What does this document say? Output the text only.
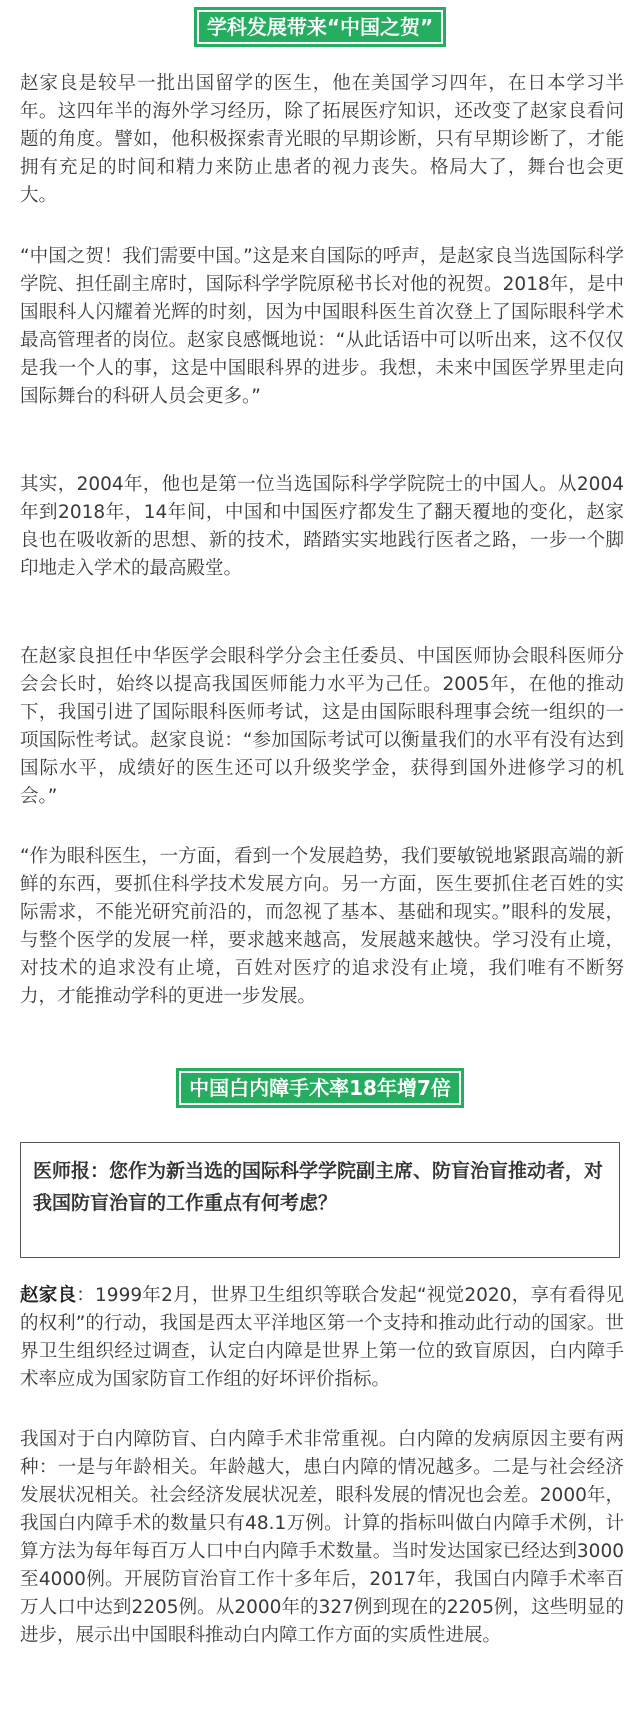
学科发展带来“中国之贺”

赵家良是较早一批出国留学的医生，他在美国学习四年，在日本学习半年。这四年半的海外学习经历，除了拓展医疗知识，还改变了赵家良看问题的角度。譬如，他积极探索青光眼的早期诊断，只有早期诊断了，才能拥有充足的时间和精力来防止患者的视力丧失。格局大了，舞台也会更大。

“中国之贺！我们需要中国。”这是来自国际的呼声，是赵家良当选国际科学学院、担任副主席时，国际科学学院原秘书长对他的祝贺。2018年，是中国眼科人闪耀着光辉的时刻，因为中国眼科医生首次登上了国际眼科学术最高管理者的岗位。赵家良感慨地说：“从此话语中可以听出来，这不仅仅是我一个人的事，这是中国眼科界的进步。我想，未来中国医学界里走向国际舞台的科研人员会更多。”

其实，2004年，他也是第一位当选国际科学学院院士的中国人。从2004年到2018年，14年间，中国和中国医疗都发生了翻天覆地的变化，赵家良也在吸收新的思想、新的技术，踏踏实实地践行医者之路，一步一个脚印地走入学术的最高殿堂。

在赵家良担任中华医学会眼科学分会主任委员、中国医师协会眼科医师分会会长时，始终以提高我国医师能力水平为己任。2005年，在他的推动下，我国引进了国际眼科医师考试，这是由国际眼科理事会统一组织的一项国际性考试。赵家良说：“参加国际考试可以衡量我们的水平有没有达到国际水平，成绩好的医生还可以升级奖学金，获得到国外进修学习的机会。”

“作为眼科医生，一方面，看到一个发展趋势，我们要敏锐地紧跟高端的新鲜的东西，要抓住科学技术发展方向。另一方面，医生要抓住老百姓的实际需求，不能光研究前沿的，而忽视了基本、基础和现实。”眼科的发展，与整个医学的发展一样，要求越来越高，发展越来越快。学习没有止境，对技术的追求没有止境，百姓对医疗的追求没有止境，我们唯有不断努力，才能推动学科的更进一步发展。

中国白内障手术率18年增7倍

医师报：您作为新当选的国际科学学院副主席、防盲治盲推动者，对我国防盲治盲的工作重点有何考虑？

赵家良：1999年2月，世界卫生组织等联合发起“视觉2020，享有看得见的权利”的行动，我国是西太平洋地区第一个支持和推动此行动的国家。世界卫生组织经过调查，认定白内障是世界上第一位的致盲原因，白内障手术率应成为国家防盲工作组的好坏评价指标。

我国对于白内障防盲、白内障手术非常重视。白内障的发病原因主要有两种：一是与年龄相关。年龄越大，患白内障的情况越多。二是与社会经济发展状况相关。社会经济发展状况差，眼科发展的情况也会差。2000年，我国白内障手术的数量只有48.1万例。计算的指标叫做白内障手术例，计算方法为每年每百万人口中白内障手术数量。当时发达国家已经达到3000至4000例。开展防盲治盲工作十多年后，2017年，我国白内障手术率百万人口中达到2205例。从2000年的327例到现在的2205例，这些明显的进步，展示出中国眼科推动白内障工作方面的实质性进展。
